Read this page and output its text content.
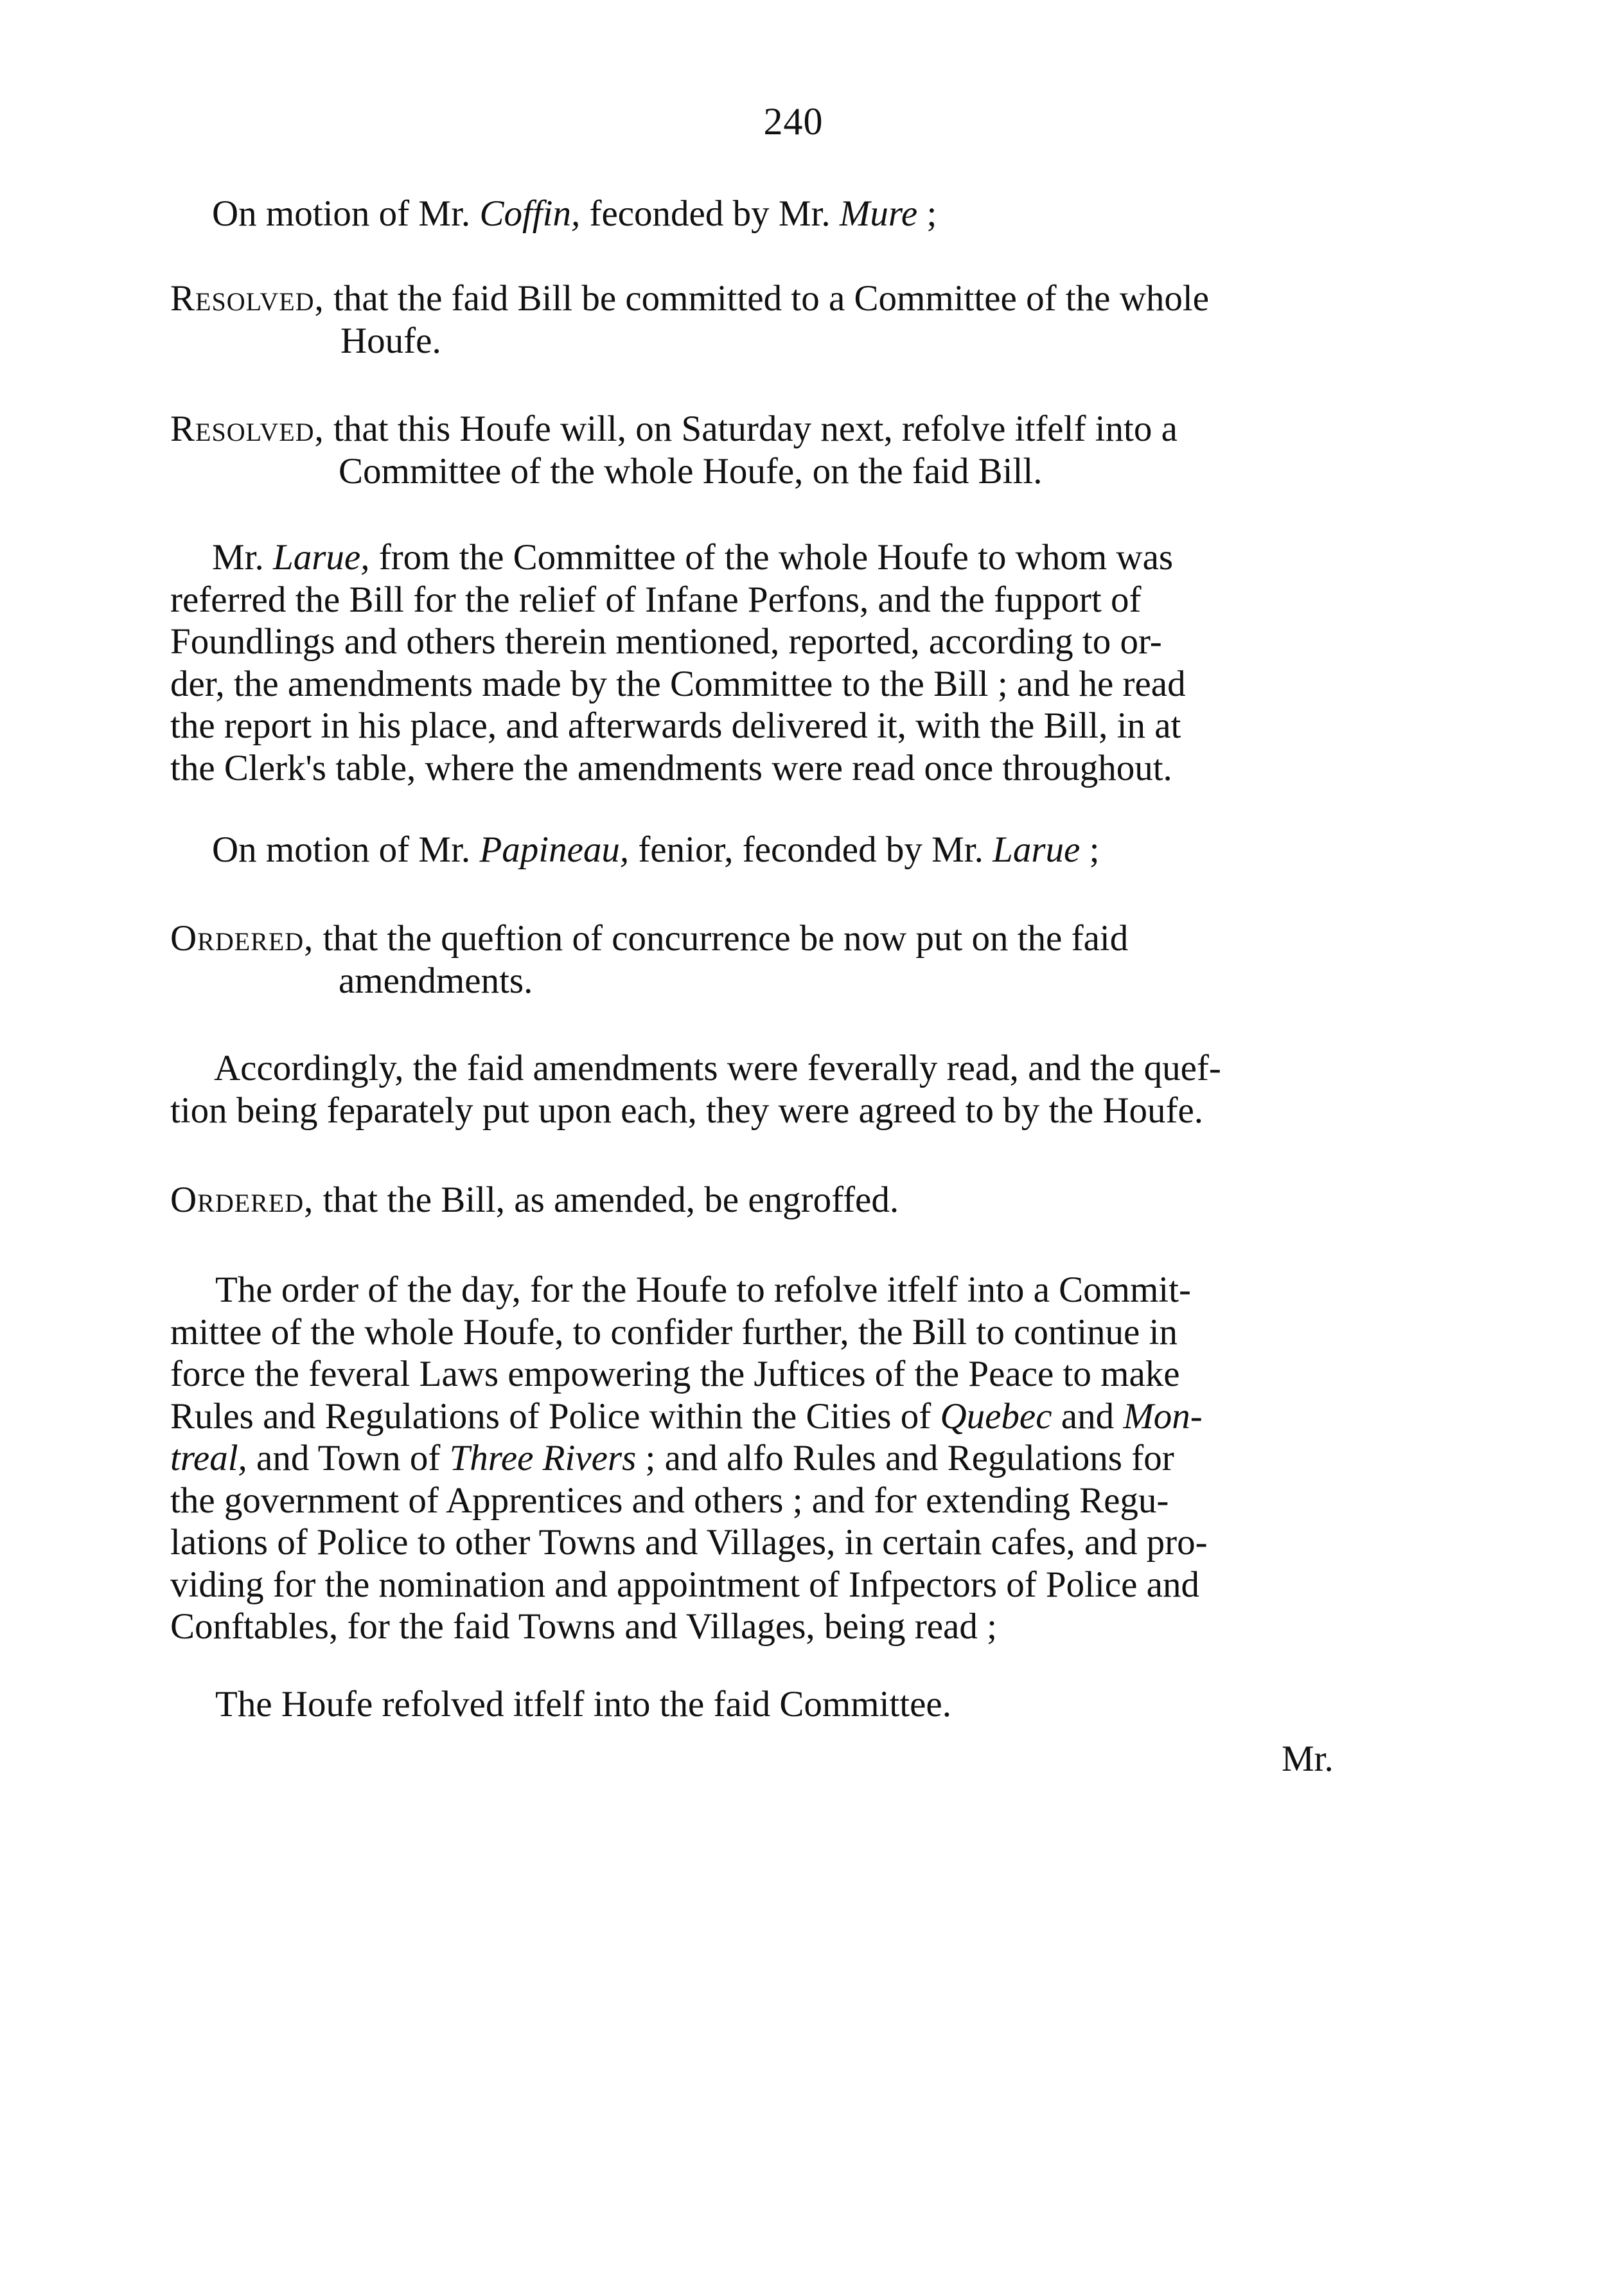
240

On motion of Mr. Coffin, feconded by Mr. Mure ;

Resolved, that the faid Bill be committed to a Committee of the whole
Houfe.

Resolved, that this Houfe will, on Saturday next, refolve itfelf into a
Committee of the whole Houfe, on the faid Bill.

Mr. Larue, from the Committee of the whole Houfe to whom was
referred the Bill for the relief of Infane Perfons, and the fupport of
Foundlings and others therein mentioned, reported, according to or-
der, the amendments made by the Committee to the Bill ; and he read
the report in his place, and afterwards delivered it, with the Bill, in at
the Clerk's table, where the amendments were read once throughout.

On motion of Mr. Papineau, fenior, feconded by Mr. Larue ;

Ordered, that the queftion of concurrence be now put on the faid
amendments.

Accordingly, the faid amendments were feverally read, and the quef-
tion being feparately put upon each, they were agreed to by the Houfe.

Ordered, that the Bill, as amended, be engroffed.

The order of the day, for the Houfe to refolve itfelf into a Commit-
mittee of the whole Houfe, to confider further, the Bill to continue in
force the feveral Laws empowering the Juftices of the Peace to make
Rules and Regulations of Police within the Cities of Quebec and Mon-
treal, and Town of Three Rivers ; and alfo Rules and Regulations for
the government of Apprentices and others ; and for extending Regu-
lations of Police to other Towns and Villages, in certain cafes, and pro-
viding for the nomination and appointment of Infpectors of Police and
Conftables, for the faid Towns and Villages, being read ;

The Houfe refolved itfelf into the faid Committee.

Mr.
